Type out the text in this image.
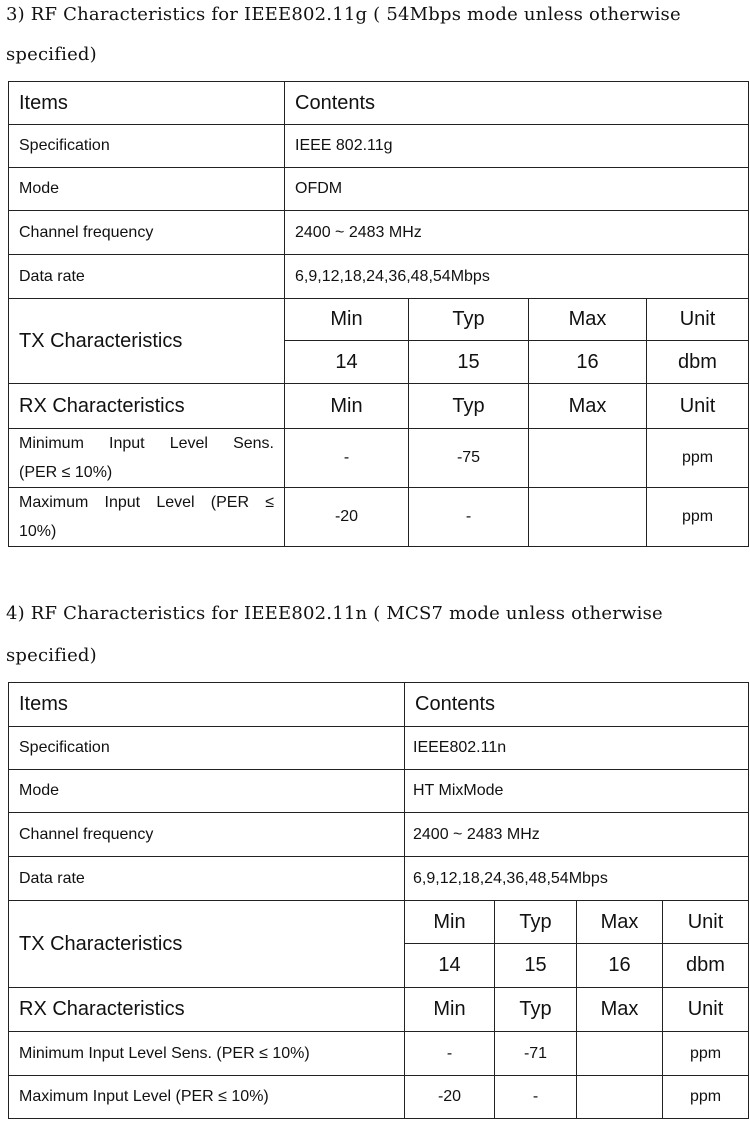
3) RF Characteristics for IEEE802.11g ( 54Mbps mode unless otherwise
specified)
Items	Contents			
Specification	IEEE 802.11g			
Mode	OFDM			
Channel frequency	2400 ~ 2483 MHz			
Data rate	6,9,12,18,24,36,48,54Mbps			
TX Characteristics	Min	Typ	Max	Unit
	14	15	16	dbm
RX Characteristics	Min	Typ	Max	Unit

Minimum Input Level Sens.
(PER ≤ 10%)	-	-75		ppm

Maximum Input Level (PER ≤
10%)	-20	-		ppm
4) RF Characteristics for IEEE802.11n ( MCS7 mode unless otherwise
specified)
Items	Contents			
Specification	IEEE802.11n			
Mode	HT MixMode			
Channel frequency	2400 ~ 2483 MHz			
Data rate	6,9,12,18,24,36,48,54Mbps			
TX Characteristics	Min	Typ	Max	Unit
	14	15	16	dbm
RX Characteristics	Min	Typ	Max	Unit
Minimum Input Level Sens. (PER ≤ 10%)	-	-71		ppm
Maximum Input Level (PER ≤ 10%)	-20	-		ppm
